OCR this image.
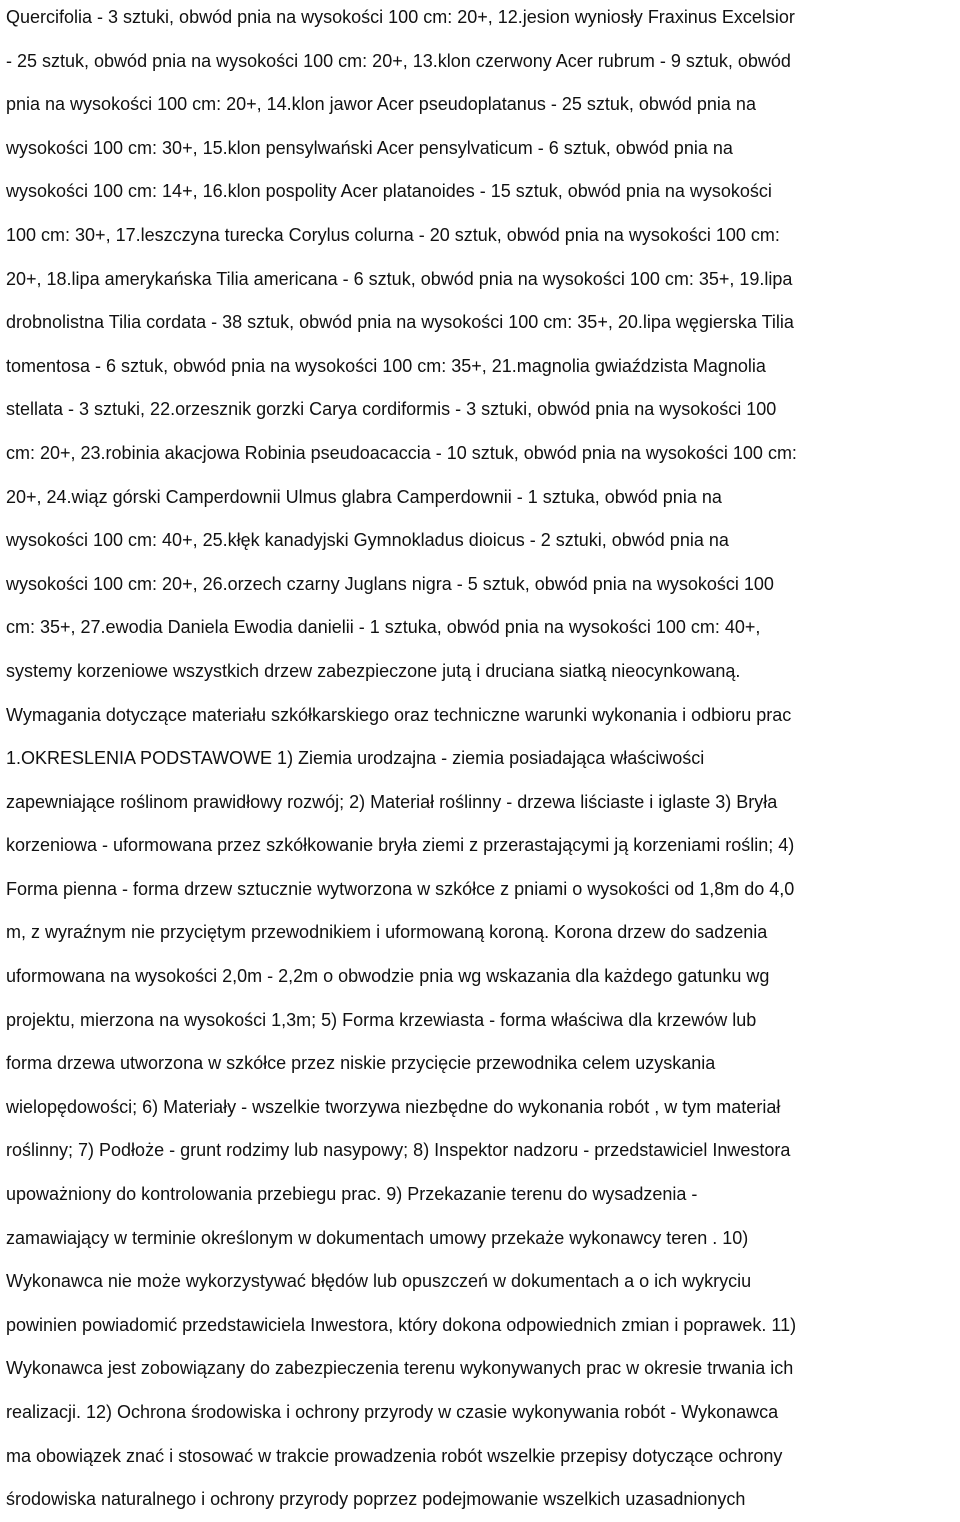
Quercifolia - 3 sztuki, obwód pnia na wysokości 100 cm: 20+, 12.jesion wyniosły Fraxinus Excelsior

- 25 sztuk, obwód pnia na wysokości 100 cm: 20+, 13.klon czerwony Acer rubrum - 9 sztuk, obwód

pnia na wysokości 100 cm: 20+, 14.klon jawor Acer pseudoplatanus - 25 sztuk, obwód pnia na

wysokości 100 cm: 30+, 15.klon pensylwański Acer pensylvaticum - 6 sztuk, obwód pnia na

wysokości 100 cm: 14+, 16.klon pospolity Acer platanoides - 15 sztuk, obwód pnia na wysokości

100 cm: 30+, 17.leszczyna turecka Corylus colurna - 20 sztuk, obwód pnia na wysokości 100 cm:

20+, 18.lipa amerykańska Tilia americana - 6 sztuk, obwód pnia na wysokości 100 cm: 35+, 19.lipa

drobnolistna Tilia cordata - 38 sztuk, obwód pnia na wysokości 100 cm: 35+, 20.lipa węgierska Tilia

tomentosa - 6 sztuk, obwód pnia na wysokości 100 cm: 35+, 21.magnolia gwiaździsta Magnolia

stellata - 3 sztuki, 22.orzesznik gorzki Carya cordiformis - 3 sztuki, obwód pnia na wysokości 100

cm: 20+, 23.robinia akacjowa Robinia pseudoacaccia - 10 sztuk, obwód pnia na wysokości 100 cm:

20+, 24.wiąz górski Camperdownii Ulmus glabra Camperdownii - 1 sztuka, obwód pnia na

wysokości 100 cm: 40+, 25.kłęk kanadyjski Gymnokladus dioicus - 2 sztuki, obwód pnia na

wysokości 100 cm: 20+, 26.orzech czarny Juglans nigra - 5 sztuk, obwód pnia na wysokości 100

cm: 35+, 27.ewodia Daniela Ewodia danielii - 1 sztuka, obwód pnia na wysokości 100 cm: 40+,

systemy korzeniowe wszystkich drzew zabezpieczone jutą i druciana siatką nieocynkowaną.

Wymagania dotyczące materiału szkółkarskiego oraz techniczne warunki wykonania i odbioru prac

1.OKRESLENIA PODSTAWOWE 1) Ziemia urodzajna - ziemia posiadająca właściwości

zapewniające roślinom prawidłowy rozwój; 2) Materiał roślinny - drzewa liściaste i iglaste 3) Bryła

korzeniowa - uformowana przez szkółkowanie bryła ziemi z przerastającymi ją korzeniami roślin; 4)

Forma pienna - forma drzew sztucznie wytworzona w szkółce z pniami o wysokości od 1,8m do 4,0

m, z wyraźnym nie przyciętym przewodnikiem i uformowaną koroną. Korona drzew do sadzenia

uformowana na wysokości 2,0m - 2,2m o obwodzie pnia wg wskazania dla każdego gatunku wg

projektu, mierzona na wysokości 1,3m; 5) Forma krzewiasta - forma właściwa dla krzewów lub

forma drzewa utworzona w szkółce przez niskie przycięcie przewodnika celem uzyskania

wielopędowości; 6) Materiały - wszelkie tworzywa niezbędne do wykonania robót , w tym materiał

roślinny; 7) Podłoże - grunt rodzimy lub nasypowy; 8) Inspektor nadzoru - przedstawiciel Inwestora

upoważniony do kontrolowania przebiegu prac. 9) Przekazanie terenu do wysadzenia -

zamawiający w terminie określonym w dokumentach umowy przekaże wykonawcy teren . 10)

Wykonawca nie może wykorzystywać błędów lub opuszczeń w dokumentach a o ich wykryciu

powinien powiadomić przedstawiciela Inwestora, który dokona odpowiednich zmian i poprawek. 11)

Wykonawca jest zobowiązany do zabezpieczenia terenu wykonywanych prac w okresie trwania ich

realizacji. 12) Ochrona środowiska i ochrony przyrody w czasie wykonywania robót - Wykonawca

ma obowiązek znać i stosować w trakcie prowadzenia robót wszelkie przepisy dotyczące ochrony

środowiska naturalnego i ochrony przyrody poprzez podejmowanie wszelkich uzasadnionych
